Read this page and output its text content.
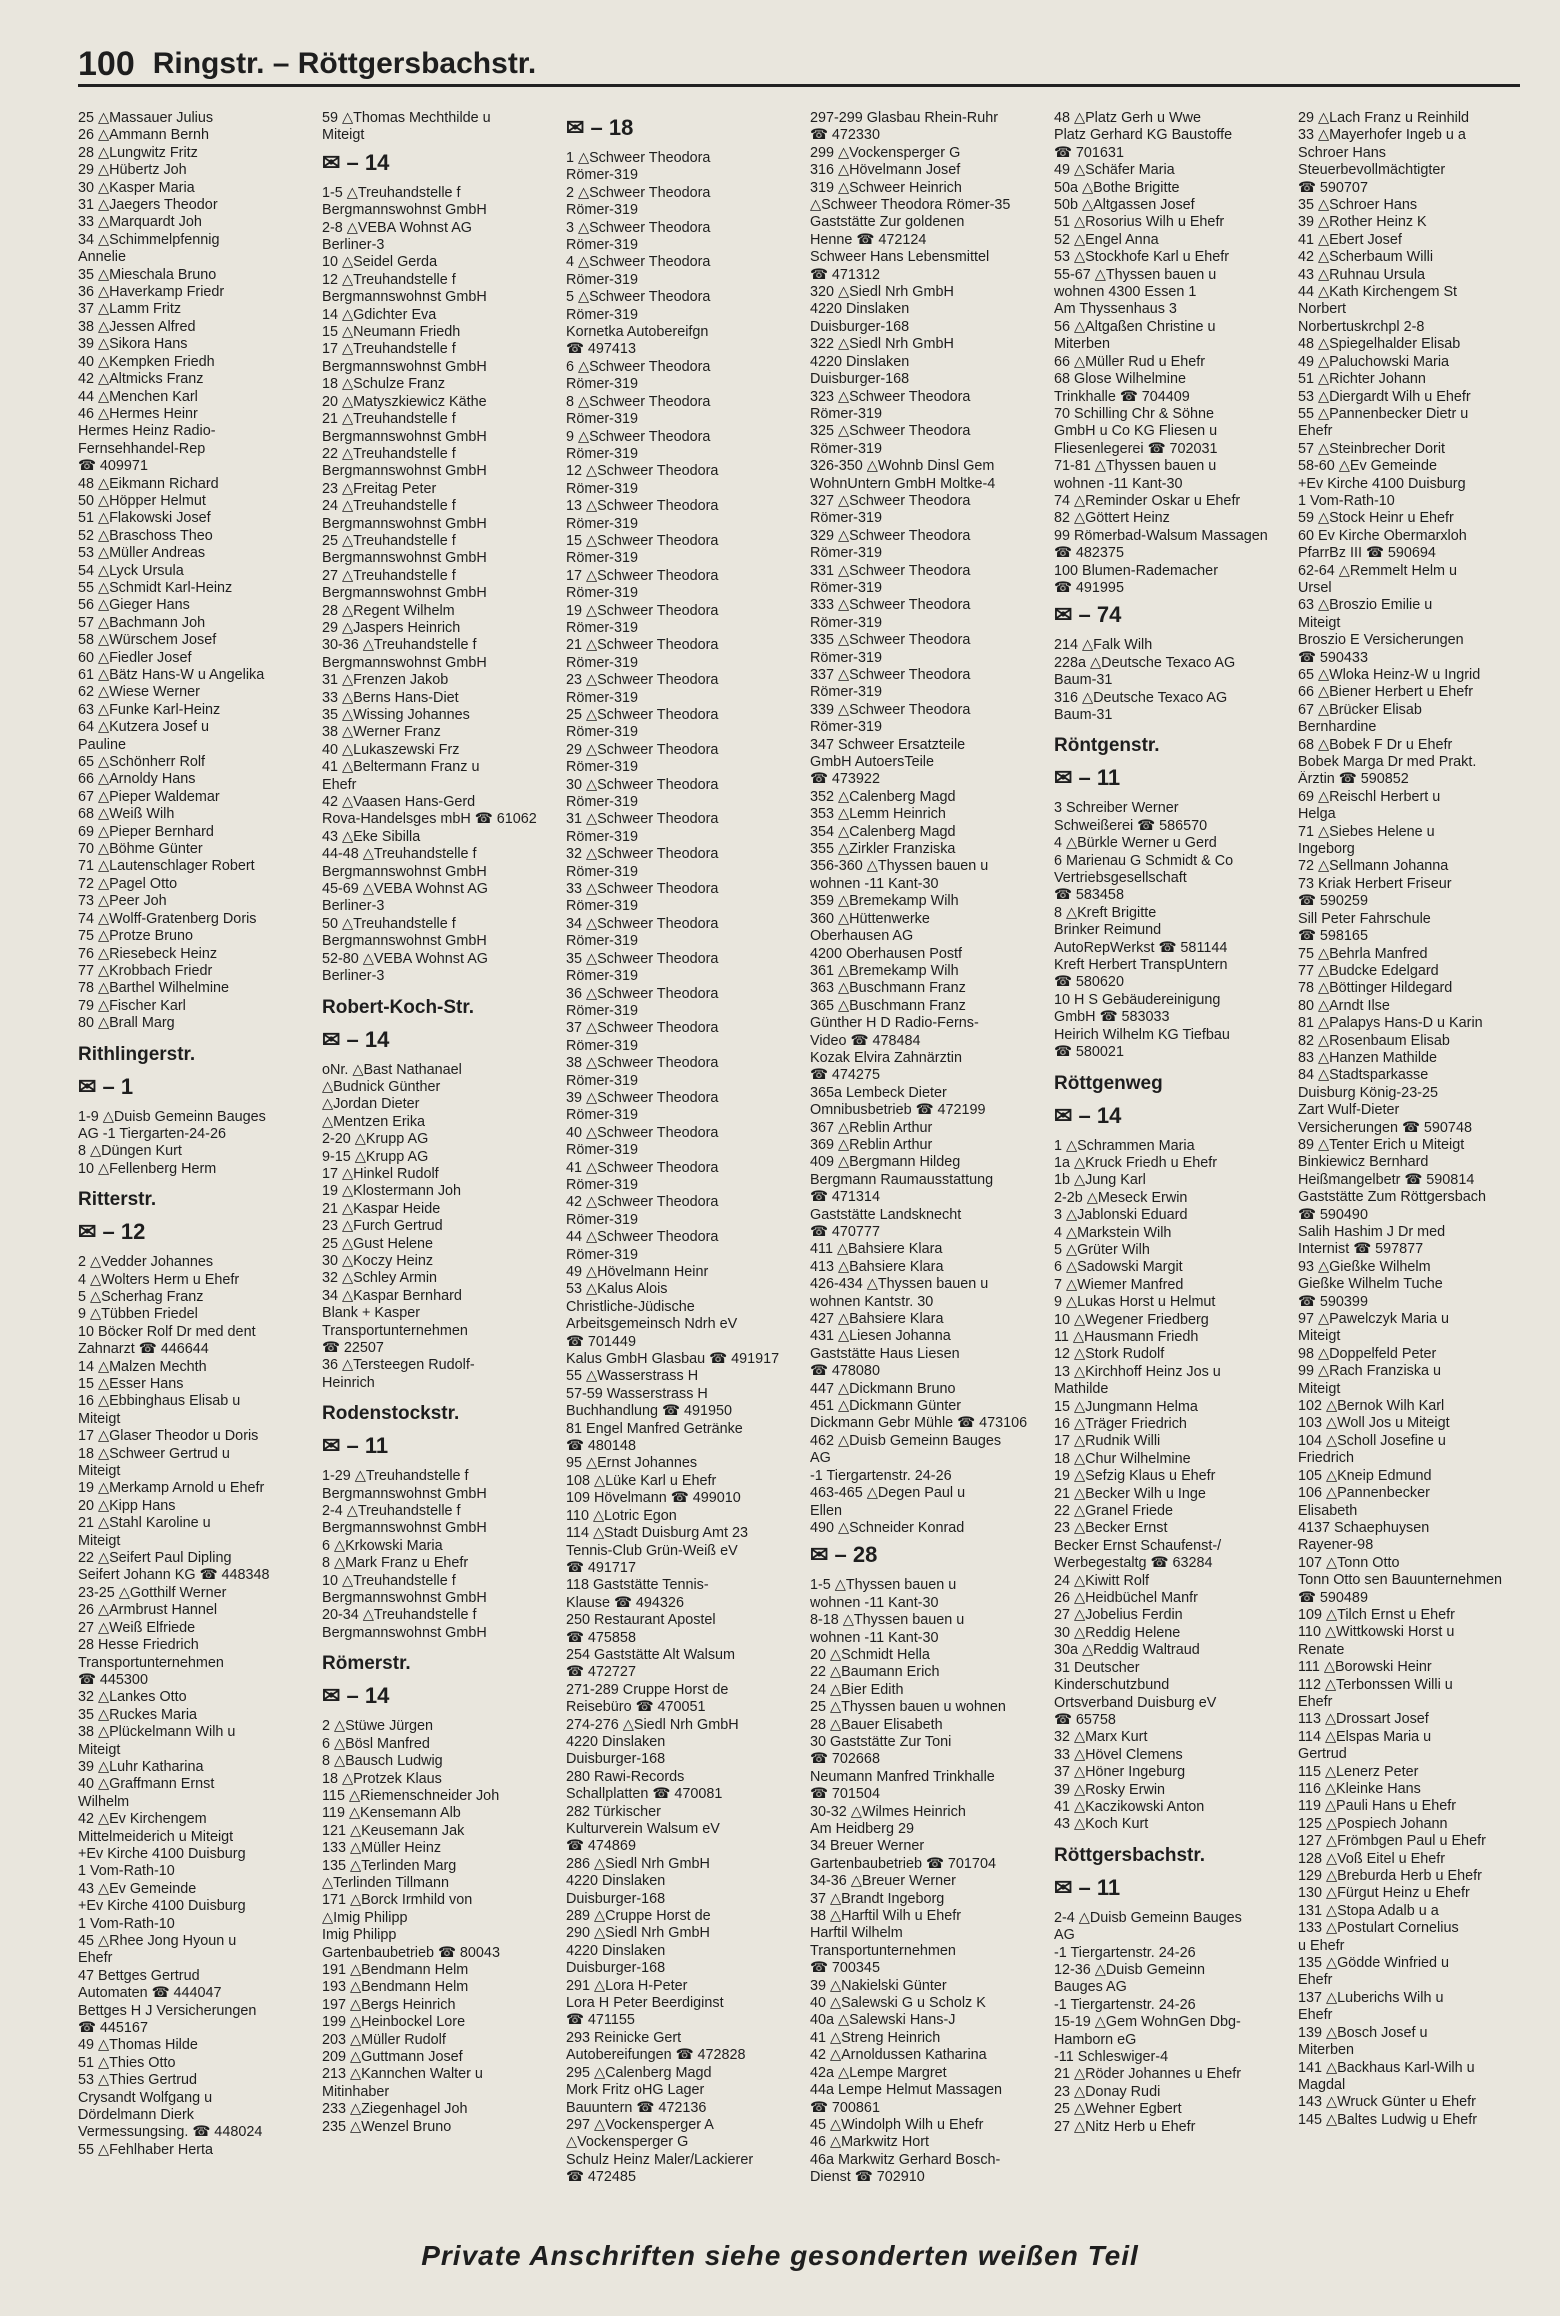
100 Ringstr. – Röttgersbachstr.
25 △Massauer Julius
26 △Ammann Bernh
28 △Lungwitz Fritz
29 △Hübertz Joh
30 △Kasper Maria
31 △Jaegers Theodor
33 △Marquardt Joh
34 △Schimmelpfennig
Annelie
35 △Mieschala Bruno
36 △Haverkamp Friedr
37 △Lamm Fritz
38 △Jessen Alfred
39 △Sikora Hans
40 △Kempken Friedh
42 △Altmicks Franz
44 △Menchen Karl
46 △Hermes Heinr
Hermes Heinz Radio-
Fernsehhandel-Rep
☎ 409971
48 △Eikmann Richard
50 △Höpper Helmut
51 △Flakowski Josef
52 △Braschoss Theo
53 △Müller Andreas
54 △Lyck Ursula
55 △Schmidt Karl-Heinz
56 △Gieger Hans
57 △Bachmann Joh
58 △Würschem Josef
60 △Fiedler Josef
61 △Bätz Hans-W u Angelika
62 △Wiese Werner
63 △Funke Karl-Heinz
64 △Kutzera Josef u
Pauline
65 △Schönherr Rolf
66 △Arnoldy Hans
67 △Pieper Waldemar
68 △Weiß Wilh
69 △Pieper Bernhard
70 △Böhme Günter
71 △Lautenschlager Robert
72 △Pagel Otto
73 △Peer Joh
74 △Wolff-Gratenberg Doris
75 △Protze Bruno
76 △Riesebeck Heinz
77 △Krobbach Friedr
78 △Barthel Wilhelmine
79 △Fischer Karl
80 △Brall Marg
Rithlingerstr.
✉ – 1
1-9 △Duisb Gemeinn Bauges
AG -1 Tiergarten-24-26
8 △Düngen Kurt
10 △Fellenberg Herm
Ritterstr.
✉ – 12
2 △Vedder Johannes
4 △Wolters Herm u Ehefr
5 △Scherhag Franz
9 △Tübben Friedel
10 Böcker Rolf Dr med dent
Zahnarzt ☎ 446644
14 △Malzen Mechth
15 △Esser Hans
16 △Ebbinghaus Elisab u
Miteigt
17 △Glaser Theodor u Doris
18 △Schweer Gertrud u
Miteigt
19 △Merkamp Arnold u Ehefr
20 △Kipp Hans
21 △Stahl Karoline u
Miteigt
22 △Seifert Paul Dipling
Seifert Johann KG ☎ 448348
23-25 △Gotthilf Werner
26 △Armbrust Hannel
27 △Weiß Elfriede
28 Hesse Friedrich
Transportunternehmen
☎ 445300
32 △Lankes Otto
35 △Ruckes Maria
38 △Plückelmann Wilh u
Miteigt
39 △Luhr Katharina
40 △Graffmann Ernst
Wilhelm
42 △Ev Kirchengem
Mittelmeiderich u Miteigt
+Ev Kirche 4100 Duisburg
1 Vom-Rath-10
43 △Ev Gemeinde
+Ev Kirche 4100 Duisburg
1 Vom-Rath-10
45 △Rhee Jong Hyoun u
Ehefr
47 Bettges Gertrud
Automaten ☎ 444047
Bettges H J Versicherungen
☎ 445167
49 △Thomas Hilde
51 △Thies Otto
53 △Thies Gertrud
Crysandt Wolfgang u
Dördelmann Dierk
Vermessungsing. ☎ 448024
55 △Fehlhaber Herta
59 △Thomas Mechthilde u
Miteigt
✉ – 14
1-5 △Treuhandstelle f
Bergmannswohnst GmbH
2-8 △VEBA Wohnst AG
Berliner-3
10 △Seidel Gerda
12 △Treuhandstelle f
Bergmannswohnst GmbH
14 △Gdichter Eva
15 △Neumann Friedh
17 △Treuhandstelle f
Bergmannswohnst GmbH
18 △Schulze Franz
20 △Matyszkiewicz Käthe
21 △Treuhandstelle f
Bergmannswohnst GmbH
22 △Treuhandstelle f
Bergmannswohnst GmbH
23 △Freitag Peter
24 △Treuhandstelle f
Bergmannswohnst GmbH
25 △Treuhandstelle f
Bergmannswohnst GmbH
27 △Treuhandstelle f
Bergmannswohnst GmbH
28 △Regent Wilhelm
29 △Jaspers Heinrich
30-36 △Treuhandstelle f
Bergmannswohnst GmbH
31 △Frenzen Jakob
33 △Berns Hans-Diet
35 △Wissing Johannes
38 △Werner Franz
40 △Lukaszewski Frz
41 △Beltermann Franz u
Ehefr
42 △Vaasen Hans-Gerd
Rova-Handelsges mbH ☎ 61062
43 △Eke Sibilla
44-48 △Treuhandstelle f
Bergmannswohnst GmbH
45-69 △VEBA Wohnst AG
Berliner-3
50 △Treuhandstelle f
Bergmannswohnst GmbH
52-80 △VEBA Wohnst AG
Berliner-3
Robert-Koch-Str.
✉ – 14
oNr. △Bast Nathanael
△Budnick Günther
△Jordan Dieter
△Mentzen Erika
2-20 △Krupp AG
9-15 △Krupp AG
17 △Hinkel Rudolf
19 △Klostermann Joh
21 △Kaspar Heide
23 △Furch Gertrud
25 △Gust Helene
30 △Koczy Heinz
32 △Schley Armin
34 △Kaspar Bernhard
Blank + Kasper
Transportunternehmen
☎ 22507
36 △Tersteegen Rudolf-
Heinrich
Rodenstockstr.
✉ – 11
1-29 △Treuhandstelle f
Bergmannswohnst GmbH
2-4 △Treuhandstelle f
Bergmannswohnst GmbH
6 △Krkowski Maria
8 △Mark Franz u Ehefr
10 △Treuhandstelle f
Bergmannswohnst GmbH
20-34 △Treuhandstelle f
Bergmannswohnst GmbH
Römerstr.
✉ – 14
2 △Stüwe Jürgen
6 △Bösl Manfred
8 △Bausch Ludwig
18 △Protzek Klaus
115 △Riemenschneider Joh
119 △Kensemann Alb
121 △Keusemann Jak
133 △Müller Heinz
135 △Terlinden Marg
△Terlinden Tillmann
171 △Borck Irmhild von
△Imig Philipp
Imig Philipp
Gartenbaubetrieb ☎ 80043
191 △Bendmann Helm
193 △Bendmann Helm
197 △Bergs Heinrich
199 △Heinbockel Lore
203 △Müller Rudolf
209 △Guttmann Josef
213 △Kannchen Walter u
Mitinhaber
233 △Ziegenhagel Joh
235 △Wenzel Bruno
✉ – 18
1 △Schweer Theodora
Römer-319
2 △Schweer Theodora
Römer-319
3 △Schweer Theodora
Römer-319
4 △Schweer Theodora
Römer-319
5 △Schweer Theodora
Römer-319
Kornetka Autobereifgn
☎ 497413
6 △Schweer Theodora
Römer-319
8 △Schweer Theodora
Römer-319
9 △Schweer Theodora
Römer-319
12 △Schweer Theodora
Römer-319
13 △Schweer Theodora
Römer-319
15 △Schweer Theodora
Römer-319
17 △Schweer Theodora
Römer-319
19 △Schweer Theodora
Römer-319
21 △Schweer Theodora
Römer-319
23 △Schweer Theodora
Römer-319
25 △Schweer Theodora
Römer-319
29 △Schweer Theodora
Römer-319
30 △Schweer Theodora
Römer-319
31 △Schweer Theodora
Römer-319
32 △Schweer Theodora
Römer-319
33 △Schweer Theodora
Römer-319
34 △Schweer Theodora
Römer-319
35 △Schweer Theodora
Römer-319
36 △Schweer Theodora
Römer-319
37 △Schweer Theodora
Römer-319
38 △Schweer Theodora
Römer-319
39 △Schweer Theodora
Römer-319
40 △Schweer Theodora
Römer-319
41 △Schweer Theodora
Römer-319
42 △Schweer Theodora
Römer-319
44 △Schweer Theodora
Römer-319
49 △Hövelmann Heinr
53 △Kalus Alois
Christliche-Jüdische
Arbeitsgemeinsch Ndrh eV
☎ 701449
Kalus GmbH Glasbau ☎ 491917
55 △Wasserstrass H
57-59 Wasserstrass H
Buchhandlung ☎ 491950
81 Engel Manfred Getränke
☎ 480148
95 △Ernst Johannes
108 △Lüke Karl u Ehefr
109 Hövelmann ☎ 499010
110 △Lotric Egon
114 △Stadt Duisburg Amt 23
Tennis-Club Grün-Weiß eV
☎ 491717
118 Gaststätte Tennis-
Klause ☎ 494326
250 Restaurant Apostel
☎ 475858
254 Gaststätte Alt Walsum
☎ 472727
271-289 Cruppe Horst de
Reisebüro ☎ 470051
274-276 △Siedl Nrh GmbH
4220 Dinslaken
Duisburger-168
280 Rawi-Records
Schallplatten ☎ 470081
282 Türkischer
Kulturverein Walsum eV
☎ 474869
286 △Siedl Nrh GmbH
4220 Dinslaken
Duisburger-168
289 △Cruppe Horst de
290 △Siedl Nrh GmbH
4220 Dinslaken
Duisburger-168
291 △Lora H-Peter
Lora H Peter Beerdiginst
☎ 471155
293 Reinicke Gert
Autobereifungen ☎ 472828
295 △Calenberg Magd
Mork Fritz oHG Lager
Bauuntern ☎ 472136
297 △Vockensperger A
△Vockensperger G
Schulz Heinz Maler/Lackierer
☎ 472485
297-299 Glasbau Rhein-Ruhr
☎ 472330
299 △Vockensperger G
316 △Hövelmann Josef
319 △Schweer Heinrich
△Schweer Theodora Römer-35
Gaststätte Zur goldenen
Henne ☎ 472124
Schweer Hans Lebensmittel
☎ 471312
320 △Siedl Nrh GmbH
4220 Dinslaken
Duisburger-168
322 △Siedl Nrh GmbH
4220 Dinslaken
Duisburger-168
323 △Schweer Theodora
Römer-319
325 △Schweer Theodora
Römer-319
326-350 △Wohnb Dinsl Gem
WohnUntern GmbH Moltke-4
327 △Schweer Theodora
Römer-319
329 △Schweer Theodora
Römer-319
331 △Schweer Theodora
Römer-319
333 △Schweer Theodora
Römer-319
335 △Schweer Theodora
Römer-319
337 △Schweer Theodora
Römer-319
339 △Schweer Theodora
Römer-319
347 Schweer Ersatzteile
GmbH AutoersTeile
☎ 473922
352 △Calenberg Magd
353 △Lemm Heinrich
354 △Calenberg Magd
355 △Zirkler Franziska
356-360 △Thyssen bauen u
wohnen -11 Kant-30
359 △Bremekamp Wilh
360 △Hüttenwerke
Oberhausen AG
4200 Oberhausen Postf
361 △Bremekamp Wilh
363 △Buschmann Franz
365 △Buschmann Franz
Günther H D Radio-Ferns-
Video ☎ 478484
Kozak Elvira Zahnärztin
☎ 474275
365a Lembeck Dieter
Omnibusbetrieb ☎ 472199
367 △Reblin Arthur
369 △Reblin Arthur
409 △Bergmann Hildeg
Bergmann Raumausstattung
☎ 471314
Gaststätte Landsknecht
☎ 470777
411 △Bahsiere Klara
413 △Bahsiere Klara
426-434 △Thyssen bauen u
wohnen Kantstr. 30
427 △Bahsiere Klara
431 △Liesen Johanna
Gaststätte Haus Liesen
☎ 478080
447 △Dickmann Bruno
451 △Dickmann Günter
Dickmann Gebr Mühle ☎ 473106
462 △Duisb Gemeinn Bauges
AG
-1 Tiergartenstr. 24-26
463-465 △Degen Paul u
Ellen
490 △Schneider Konrad
✉ – 28
1-5 △Thyssen bauen u
wohnen -11 Kant-30
8-18 △Thyssen bauen u
wohnen -11 Kant-30
20 △Schmidt Hella
22 △Baumann Erich
24 △Bier Edith
25 △Thyssen bauen u wohnen
28 △Bauer Elisabeth
30 Gaststätte Zur Toni
☎ 702668
Neumann Manfred Trinkhalle
☎ 701504
30-32 △Wilmes Heinrich
Am Heidberg 29
34 Breuer Werner
Gartenbaubetrieb ☎ 701704
34-36 △Breuer Werner
37 △Brandt Ingeborg
38 △Harftil Wilh u Ehefr
Harftil Wilhelm
Transportunternehmen
☎ 700345
39 △Nakielski Günter
40 △Salewski G u Scholz K
40a △Salewski Hans-J
41 △Streng Heinrich
42 △Arnoldussen Katharina
42a △Lempe Margret
44a Lempe Helmut Massagen
☎ 700861
45 △Windolph Wilh u Ehefr
46 △Markwitz Hort
46a Markwitz Gerhard Bosch-
Dienst ☎ 702910
48 △Platz Gerh u Wwe
Platz Gerhard KG Baustoffe
☎ 701631
49 △Schäfer Maria
50a △Bothe Brigitte
50b △Altgassen Josef
51 △Rosorius Wilh u Ehefr
52 △Engel Anna
53 △Stockhofe Karl u Ehefr
55-67 △Thyssen bauen u
wohnen 4300 Essen 1
Am Thyssenhaus 3
56 △Altgaßen Christine u
Miterben
66 △Müller Rud u Ehefr
68 Glose Wilhelmine
Trinkhalle ☎ 704409
70 Schilling Chr & Söhne
GmbH u Co KG Fliesen u
Fliesenlegerei ☎ 702031
71-81 △Thyssen bauen u
wohnen -11 Kant-30
74 △Reminder Oskar u Ehefr
82 △Göttert Heinz
99 Römerbad-Walsum Massagen
☎ 482375
100 Blumen-Rademacher
☎ 491995
✉ – 74
214 △Falk Wilh
228a △Deutsche Texaco AG
Baum-31
316 △Deutsche Texaco AG
Baum-31
Röntgenstr.
✉ – 11
3 Schreiber Werner
Schweißerei ☎ 586570
4 △Bürkle Werner u Gerd
6 Marienau G Schmidt & Co
Vertriebsgesellschaft
☎ 583458
8 △Kreft Brigitte
Brinker Reimund
AutoRepWerkst ☎ 581144
Kreft Herbert TranspUntern
☎ 580620
10 H S Gebäudereinigung
GmbH ☎ 583033
Heirich Wilhelm KG Tiefbau
☎ 580021
Röttgenweg
✉ – 14
1 △Schrammen Maria
1a △Kruck Friedh u Ehefr
1b △Jung Karl
2-2b △Meseck Erwin
3 △Jablonski Eduard
4 △Markstein Wilh
5 △Grüter Wilh
6 △Sadowski Margit
7 △Wiemer Manfred
9 △Lukas Horst u Helmut
10 △Wegener Friedberg
11 △Hausmann Friedh
12 △Stork Rudolf
13 △Kirchhoff Heinz Jos u
Mathilde
15 △Jungmann Helma
16 △Träger Friedrich
17 △Rudnik Willi
18 △Chur Wilhelmine
19 △Sefzig Klaus u Ehefr
21 △Becker Wilh u Inge
22 △Granel Friede
23 △Becker Ernst
Becker Ernst Schaufenst-/
Werbegestaltg ☎ 63284
24 △Kiwitt Rolf
26 △Heidbüchel Manfr
27 △Jobelius Ferdin
30 △Reddig Helene
30a △Reddig Waltraud
31 Deutscher
Kinderschutzbund
Ortsverband Duisburg eV
☎ 65758
32 △Marx Kurt
33 △Hövel Clemens
37 △Höner Ingeburg
39 △Rosky Erwin
41 △Kaczikowski Anton
43 △Koch Kurt
Röttgersbachstr.
✉ – 11
2-4 △Duisb Gemeinn Bauges
AG
-1 Tiergartenstr. 24-26
12-36 △Duisb Gemeinn
Bauges AG
-1 Tiergartenstr. 24-26
15-19 △Gem WohnGen Dbg-
Hamborn eG
-11 Schleswiger-4
21 △Röder Johannes u Ehefr
23 △Donay Rudi
25 △Wehner Egbert
27 △Nitz Herb u Ehefr
29 △Lach Franz u Reinhild
33 △Mayerhofer Ingeb u a
Schroer Hans
Steuerbevollmächtigter
☎ 590707
35 △Schroer Hans
39 △Rother Heinz K
41 △Ebert Josef
42 △Scherbaum Willi
43 △Ruhnau Ursula
44 △Kath Kirchengem St
Norbert
Norbertuskrchpl 2-8
48 △Spiegelhalder Elisab
49 △Paluchowski Maria
51 △Richter Johann
53 △Diergardt Wilh u Ehefr
55 △Pannenbecker Dietr u
Ehefr
57 △Steinbrecher Dorit
58-60 △Ev Gemeinde
+Ev Kirche 4100 Duisburg
1 Vom-Rath-10
59 △Stock Heinr u Ehefr
60 Ev Kirche Obermarxloh
PfarrBz III ☎ 590694
62-64 △Remmelt Helm u
Ursel
63 △Broszio Emilie u
Miteigt
Broszio E Versicherungen
☎ 590433
65 △Wloka Heinz-W u Ingrid
66 △Biener Herbert u Ehefr
67 △Brücker Elisab
Bernhardine
68 △Bobek F Dr u Ehefr
Bobek Marga Dr med Prakt.
Ärztin ☎ 590852
69 △Reischl Herbert u
Helga
71 △Siebes Helene u
Ingeborg
72 △Sellmann Johanna
73 Kriak Herbert Friseur
☎ 590259
Sill Peter Fahrschule
☎ 598165
75 △Behrla Manfred
77 △Budcke Edelgard
78 △Böttinger Hildegard
80 △Arndt Ilse
81 △Palapys Hans-D u Karin
82 △Rosenbaum Elisab
83 △Hanzen Mathilde
84 △Stadtsparkasse
Duisburg König-23-25
Zart Wulf-Dieter
Versicherungen ☎ 590748
89 △Tenter Erich u Miteigt
Binkiewicz Bernhard
Heißmangelbetr ☎ 590814
Gaststätte Zum Röttgersbach
☎ 590490
Salih Hashim J Dr med
Internist ☎ 597877
93 △Gießke Wilhelm
Gießke Wilhelm Tuche
☎ 590399
97 △Pawelczyk Maria u
Miteigt
98 △Doppelfeld Peter
99 △Rach Franziska u
Miteigt
102 △Bernok Wilh Karl
103 △Woll Jos u Miteigt
104 △Scholl Josefine u
Friedrich
105 △Kneip Edmund
106 △Pannenbecker
Elisabeth
4137 Schaephuysen
Rayener-98
107 △Tonn Otto
Tonn Otto sen Bauunternehmen
☎ 590489
109 △Tilch Ernst u Ehefr
110 △Wittkowski Horst u
Renate
111 △Borowski Heinr
112 △Terbonssen Willi u
Ehefr
113 △Drossart Josef
114 △Elspas Maria u
Gertrud
115 △Lenerz Peter
116 △Kleinke Hans
119 △Pauli Hans u Ehefr
125 △Pospiech Johann
127 △Frömbgen Paul u Ehefr
128 △Voß Eitel u Ehefr
129 △Breburda Herb u Ehefr
130 △Fürgut Heinz u Ehefr
131 △Stopa Adalb u a
133 △Postulart Cornelius
u Ehefr
135 △Gödde Winfried u
Ehefr
137 △Luberichs Wilh u
Ehefr
139 △Bosch Josef u
Miterben
141 △Backhaus Karl-Wilh u
Magdal
143 △Wruck Günter u Ehefr
145 △Baltes Ludwig u Ehefr
Private Anschriften siehe gesonderten weißen Teil
